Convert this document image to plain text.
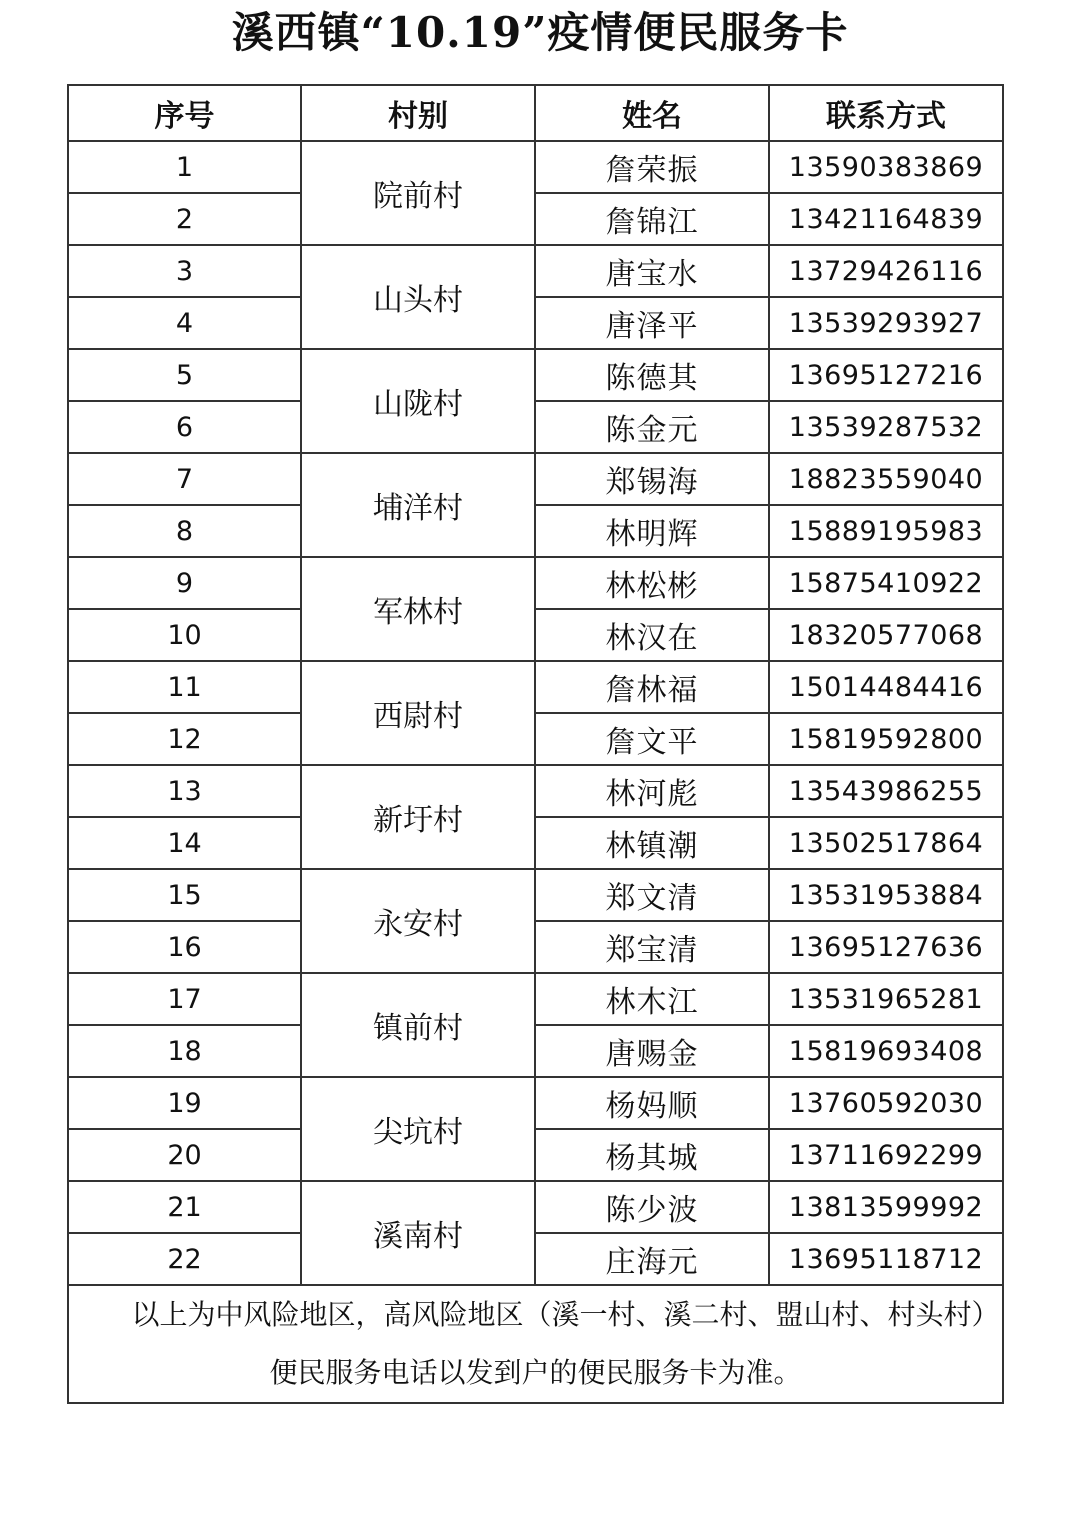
溪西镇“10.19”疫情便民服务卡
序号	村别	姓名	联系方式
1	院前村	詹荣振	13590383869
2		詹锦江	13421164839
3	山头村	唐宝水	13729426116
4		唐泽平	13539293927
5	山陇村	陈德其	13695127216
6		陈金元	13539287532
7	埔洋村	郑锡海	18823559040
8		林明辉	15889195983
9	军林村	林松彬	15875410922
10		林汉在	18320577068
11	西尉村	詹林福	15014484416
12		詹文平	15819592800
13	新圩村	林河彪	13543986255
14		林镇潮	13502517864
15	永安村	郑文清	13531953884
16		郑宝清	13695127636
17	镇前村	林木江	13531965281
18		唐赐金	15819693408
19	尖坑村	杨妈顺	13760592030
20		杨其城	13711692299
21	溪南村	陈少波	13813599992
22		庄海元	13695118712
以上为中风险地区，高风险地区（溪一村、溪二村、盟山村、村头村）便民服务电话以发到户的便民服务卡为准。			
